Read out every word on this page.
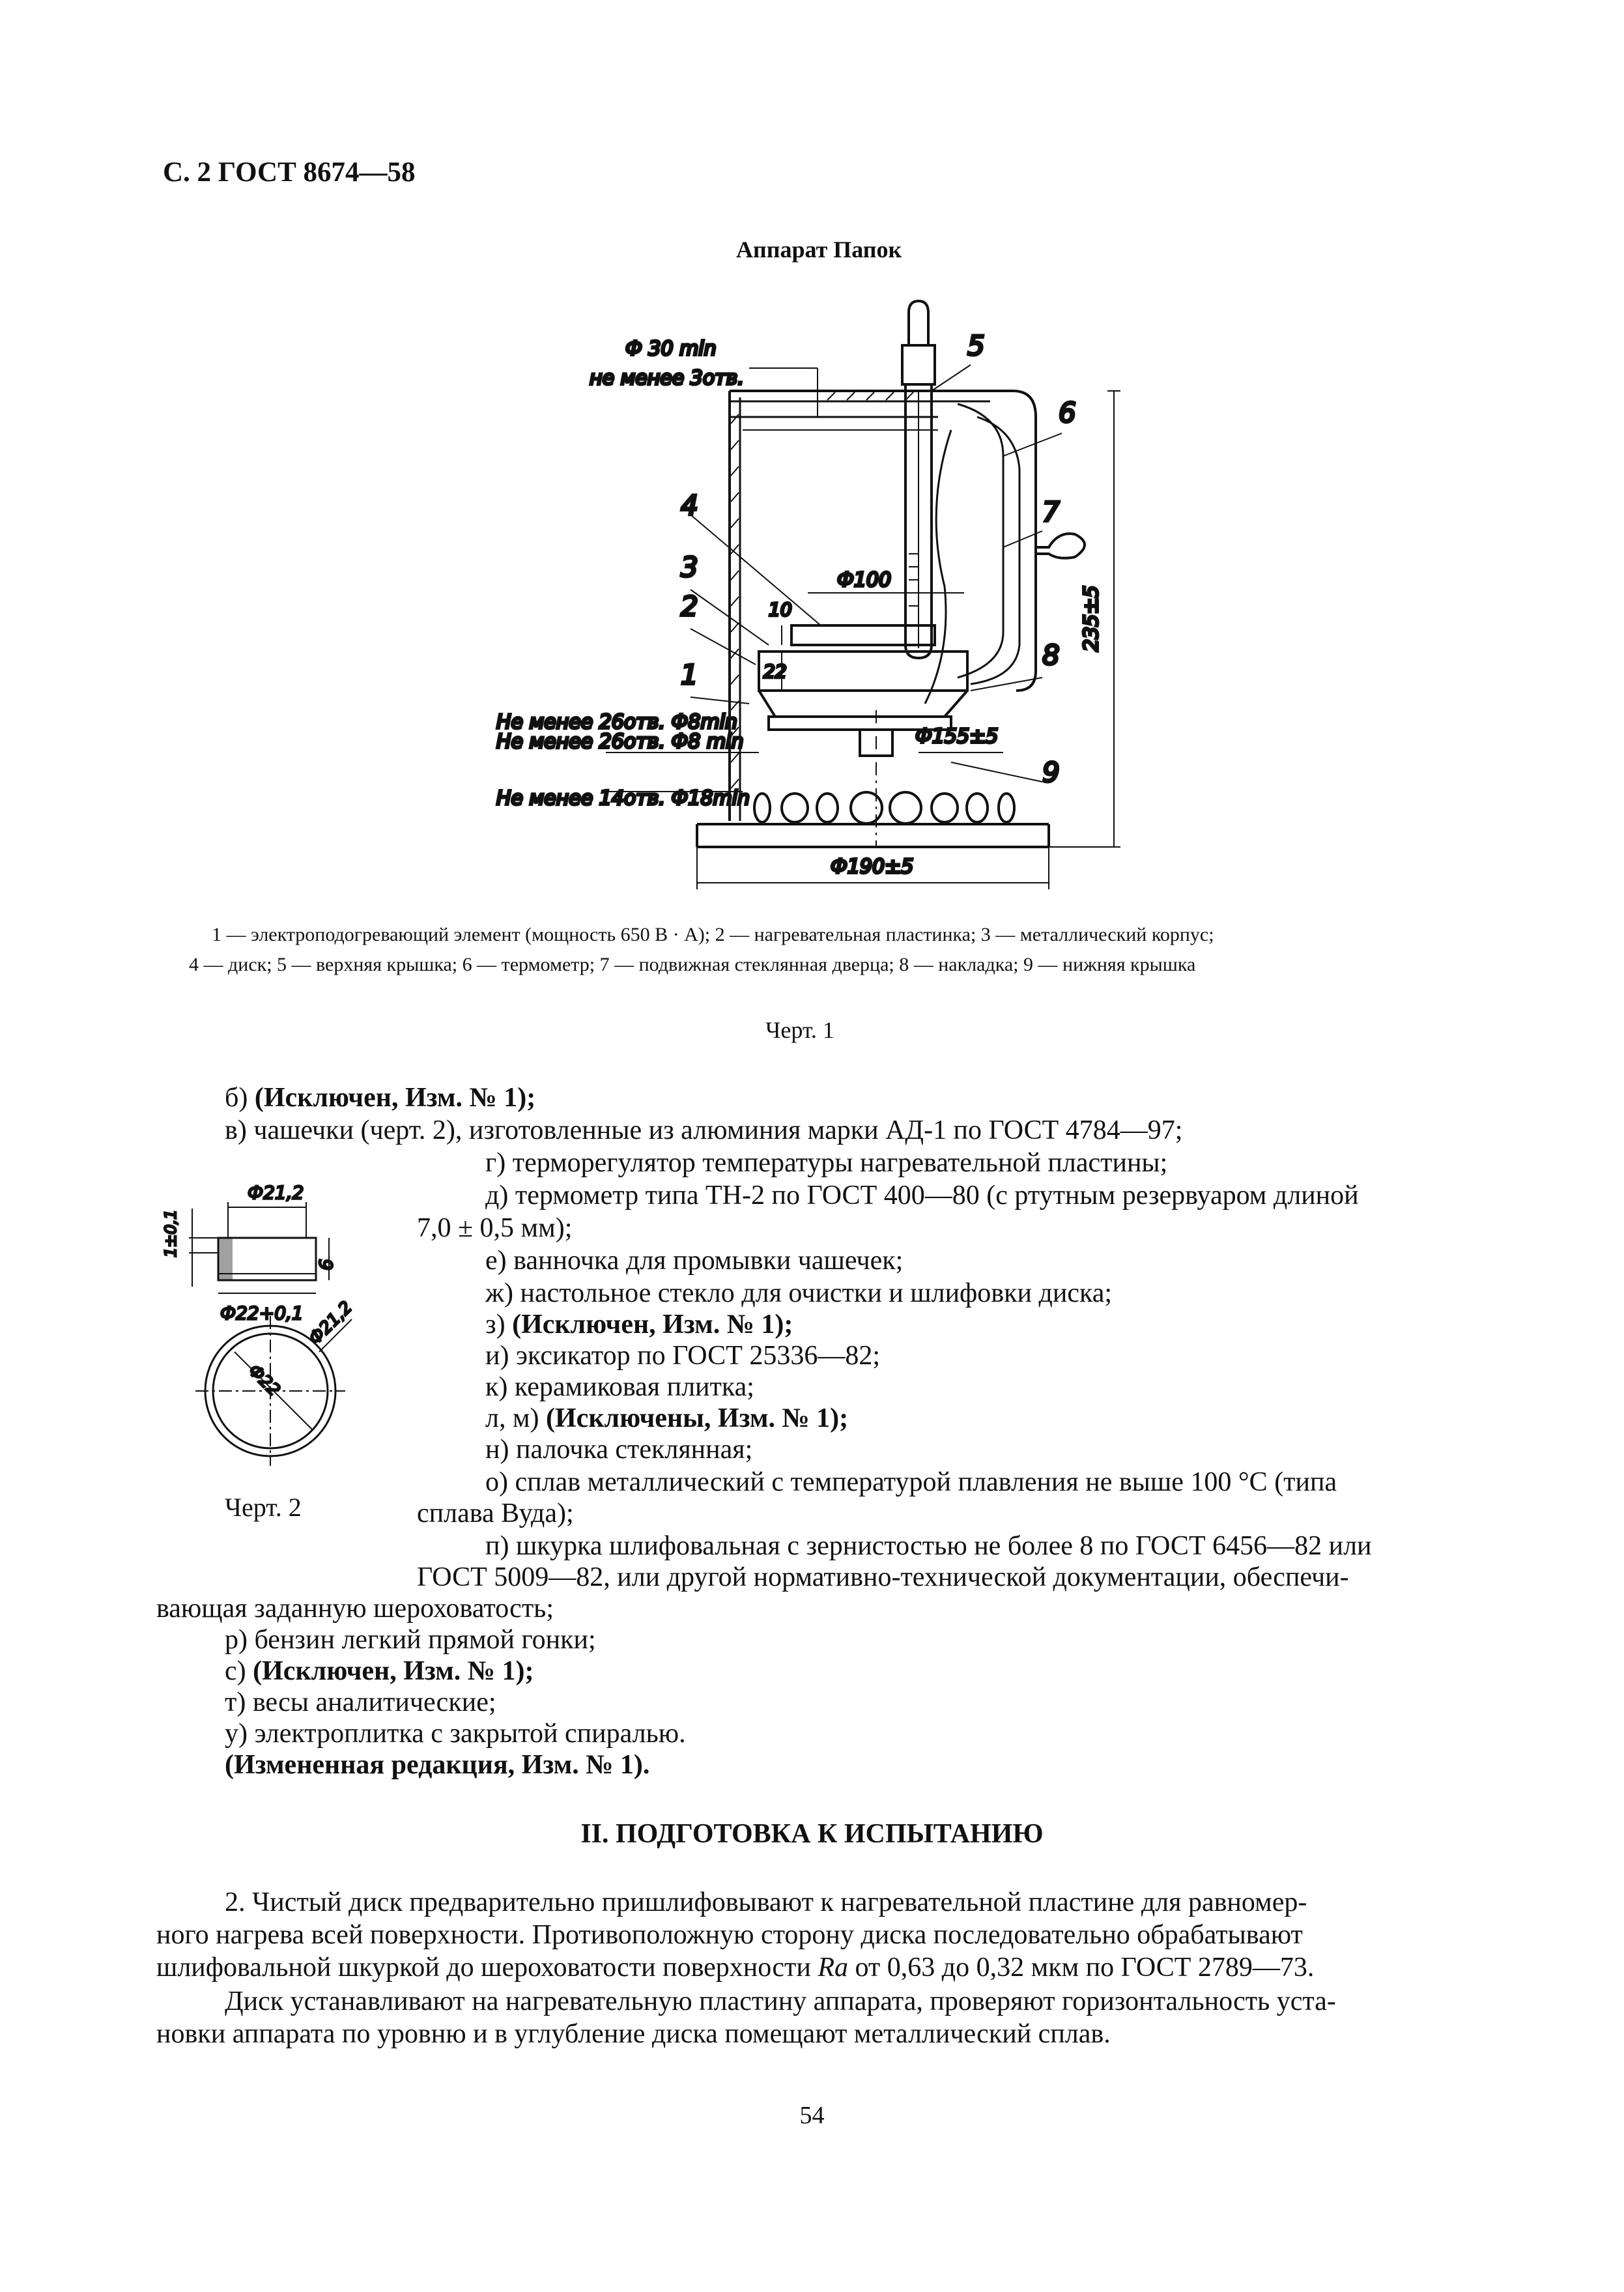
С. 2 ГОСТ 8674—58
Аппарат Папок
4
3
2
1
5
6
7
8
9
Ф 30 min
не менее 3отв.
Ф100
10
22
Не менее 26отв. Ф8min
Не менее 26отв. Ф8 min
Не менее 14отв. Ф18min
Ф155±5
Ф190±5
235±5
1 — электроподогревающий элемент (мощность 650 В · А); 2 — нагревательная пластинка; 3 — металлический корпус;
4 — диск; 5 — верхняя крышка; 6 — термометр; 7 — подвижная стеклянная дверца; 8 — накладка; 9 — нижняя крышка
Черт. 1
Ф21,2
Ф22+0,1
1±0,1
6
Ф22
Ф21,2
Черт. 2
б) (Исключен, Изм. № 1);
в) чашечки (черт. 2), изготовленные из алюминия марки АД-1 по ГОСТ 4784—97;
г) терморегулятор температуры нагревательной пластины;
д) термометр типа ТН-2 по ГОСТ 400—80 (с ртутным резервуаром длиной
7,0 ± 0,5 мм);
е) ванночка для промывки чашечек;
ж) настольное стекло для очистки и шлифовки диска;
з) (Исключен, Изм. № 1);
и) эксикатор по ГОСТ 25336—82;
к) керамиковая плитка;
л, м) (Исключены, Изм. № 1);
н) палочка стеклянная;
о) сплав металлический с температурой плавления не выше 100 °С (типа
сплава Вуда);
п) шкурка шлифовальная с зернистостью не более 8 по ГОСТ 6456—82 или
ГОСТ 5009—82, или другой нормативно-технической документации, обеспечи-
вающая заданную шероховатость;
р) бензин легкий прямой гонки;
с) (Исключен, Изм. № 1);
т) весы аналитические;
у) электроплитка с закрытой спиралью.
(Измененная редакция, Изм. № 1).
II. ПОДГОТОВКА К ИСПЫТАНИЮ
2. Чистый диск предварительно пришлифовывают к нагревательной пластине для равномер-
ного нагрева всей поверхности. Противоположную сторону диска последовательно обрабатывают
шлифовальной шкуркой до шероховатости поверхности Ra от 0,63 до 0,32 мкм по ГОСТ 2789—73.
Диск устанавливают на нагревательную пластину аппарата, проверяют горизонтальность уста-
новки аппарата по уровню и в углубление диска помещают металлический сплав.
54
